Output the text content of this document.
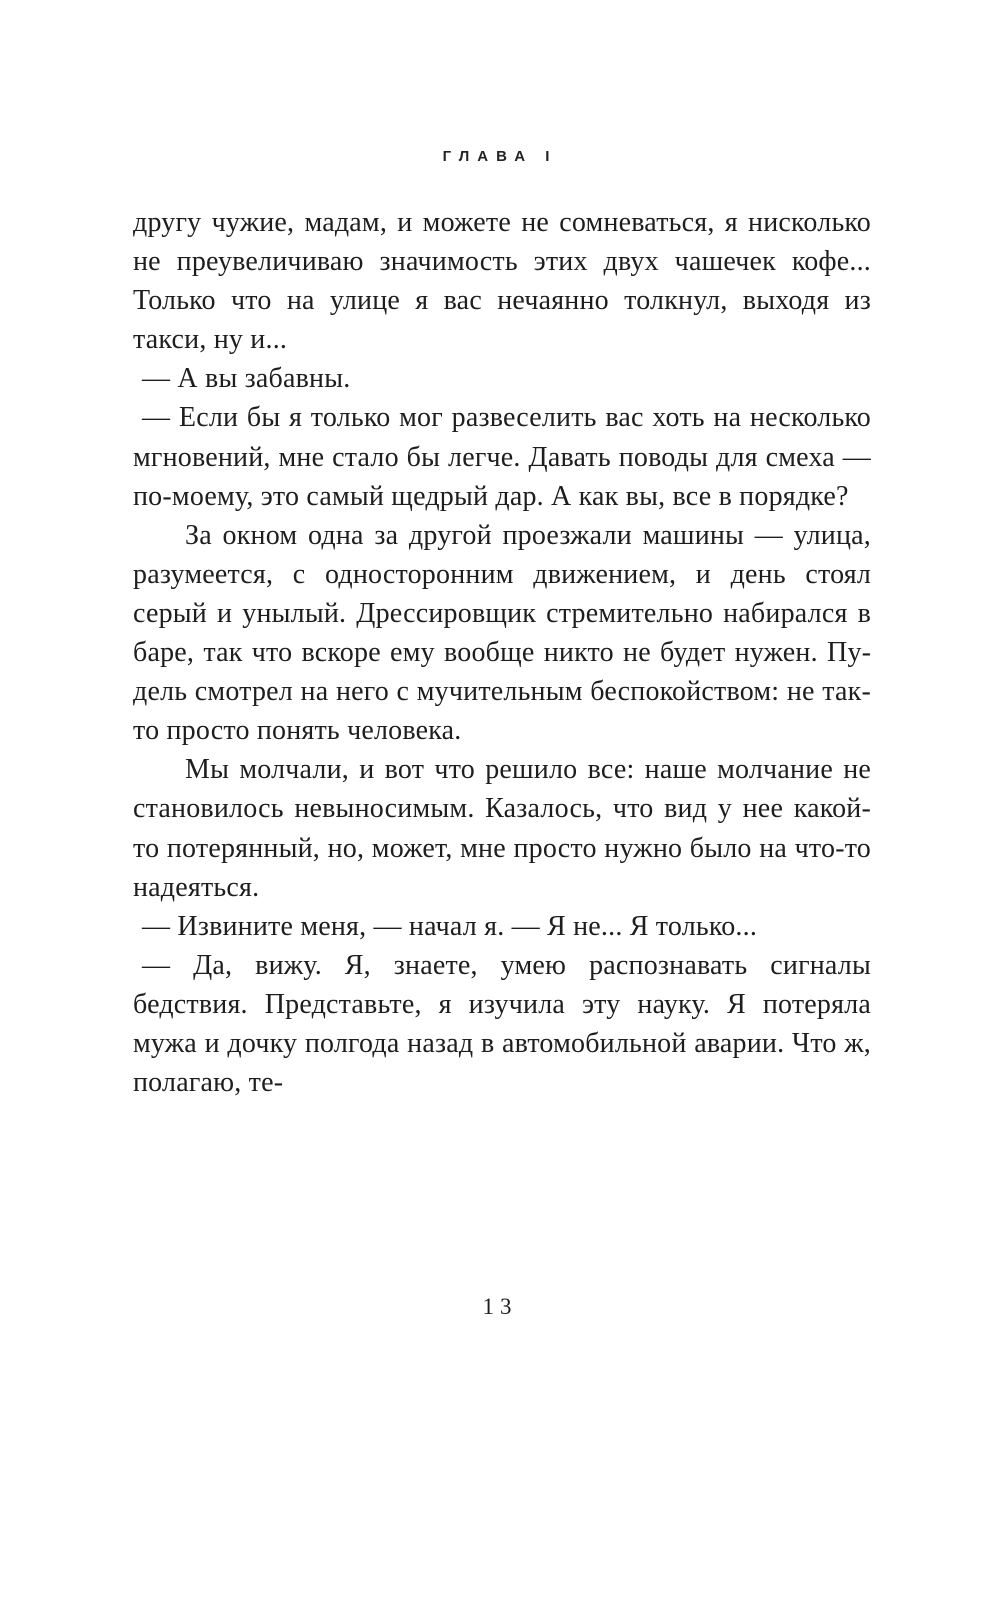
ГЛАВА I

другу чужие, мадам, и можете не сомневаться, я нисколько не преувеличиваю значимость этих двух чашечек кофе... Только что на улице я вас нечаянно толкнул, выходя из такси, ну и...

— А вы забавны.

— Если бы я только мог развеселить вас хоть на несколько мгновений, мне стало бы легче. Давать поводы для смеха — по-моему, это самый щедрый дар. А как вы, все в порядке?

За окном одна за другой проезжали машины — улица, разумеется, с односторонним движением, и день стоял серый и унылый. Дрессировщик стремительно набирался в баре, так что вскоре ему вообще никто не будет нужен. Пудель смотрел на него с мучительным беспокойством: не так-то просто понять человека.

Мы молчали, и вот что решило все: наше молчание не становилось невыносимым. Казалось, что вид у нее какой-то потерянный, но, может, мне просто нужно было на что-то надеяться.

— Извините меня, — начал я. — Я не... Я только...

— Да, вижу. Я, знаете, умею распознавать сигналы бедствия. Представьте, я изучила эту науку. Я потеряла мужа и дочку полгода назад в автомобильной аварии. Что ж, полагаю, те-

13
